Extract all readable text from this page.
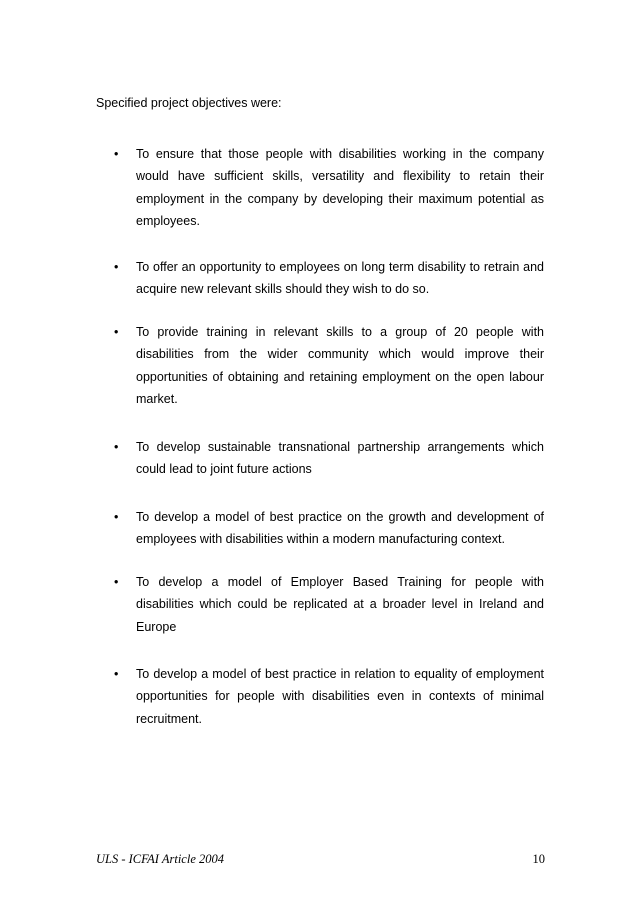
Specified project objectives were:

• To ensure that those people with disabilities working in the company would have sufficient skills, versatility and flexibility to retain their employment in the company by developing their maximum potential as employees.

• To offer an opportunity to employees on long term disability to retrain and acquire new relevant skills should they wish to do so.

• To provide training in relevant skills to a group of 20 people with disabilities from the wider community which would improve their opportunities of obtaining and retaining employment on the open labour market.

• To develop sustainable transnational partnership arrangements which could lead to joint future actions

• To develop a model of best practice on the growth and development of employees with disabilities within a modern manufacturing context.

• To develop a model of Employer Based Training for people with disabilities which could be replicated at a broader level in Ireland and Europe

• To develop a model of best practice in relation to equality of employment opportunities for people with disabilities even in contexts of minimal recruitment.

ULS - ICFAI Article 2004	10
